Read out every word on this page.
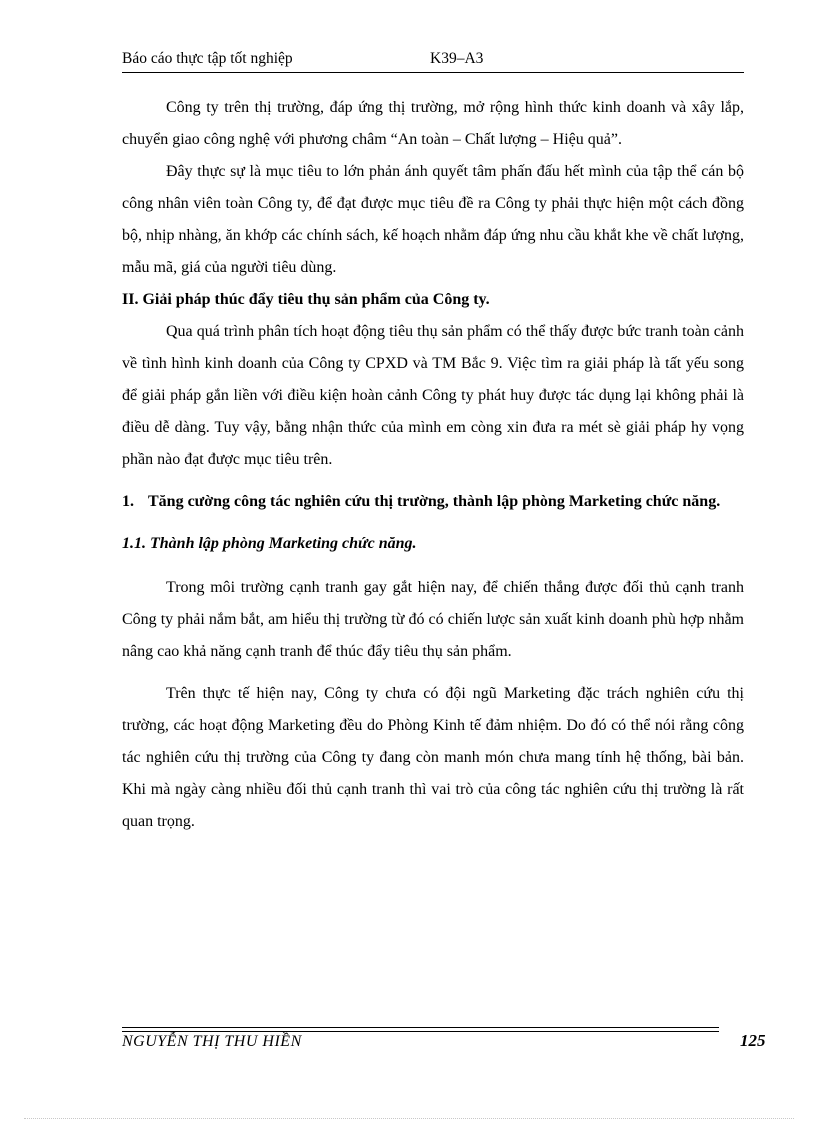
Báo cáo thực tập tốt nghiệp	K39–A3

Công ty trên thị trường, đáp ứng thị trường, mở rộng hình thức kinh doanh và xây lắp, chuyển giao công nghệ với phương châm “An toàn – Chất lượng – Hiệu quả”.

Đây thực sự là mục tiêu to lớn phản ánh quyết tâm phấn đấu hết mình của tập thể cán bộ công nhân viên toàn Công ty, để đạt được mục tiêu đề ra Công ty phải thực hiện một cách đồng bộ, nhịp nhàng, ăn khớp các chính sách, kế hoạch nhằm đáp ứng nhu cầu khắt khe về chất lượng, mẫu mã, giá của người tiêu dùng.

II. Giải pháp thúc đẩy tiêu thụ sản phẩm của Công ty.

Qua quá trình phân tích hoạt động tiêu thụ sản phẩm có thể thấy được bức tranh toàn cảnh về tình hình kinh doanh của Công ty CPXD và TM Bắc 9. Việc tìm ra giải pháp là tất yếu song để giải pháp gắn liền với điều kiện hoàn cảnh Công ty phát huy được tác dụng lại không phải là điều dễ dàng. Tuy vậy, bằng nhận thức của mình em còng xin đưa ra mét sè giải pháp hy vọng phần nào đạt được mục tiêu trên.

1. Tăng cường công tác nghiên cứu thị trường, thành lập phòng Marketing chức năng.

1.1. Thành lập phòng Marketing chức năng.

Trong môi trường cạnh tranh gay gắt hiện nay, để chiến thắng được đối thủ cạnh tranh Công ty phải nắm bắt, am hiểu thị trường từ đó có chiến lược sản xuất kinh doanh phù hợp nhằm nâng cao khả năng cạnh tranh để thúc đẩy tiêu thụ sản phẩm.

Trên thực tế hiện nay, Công ty chưa có đội ngũ Marketing đặc trách nghiên cứu thị trường, các hoạt động Marketing đều do Phòng Kinh tế đảm nhiệm. Do đó có thể nói rằng công tác nghiên cứu thị trường của Công ty đang còn manh món chưa mang tính hệ thống, bài bản. Khi mà ngày càng nhiều đối thủ cạnh tranh thì vai trò của công tác nghiên cứu thị trường là rất quan trọng.

NGUYỄN THỊ THU HIỀN	125
